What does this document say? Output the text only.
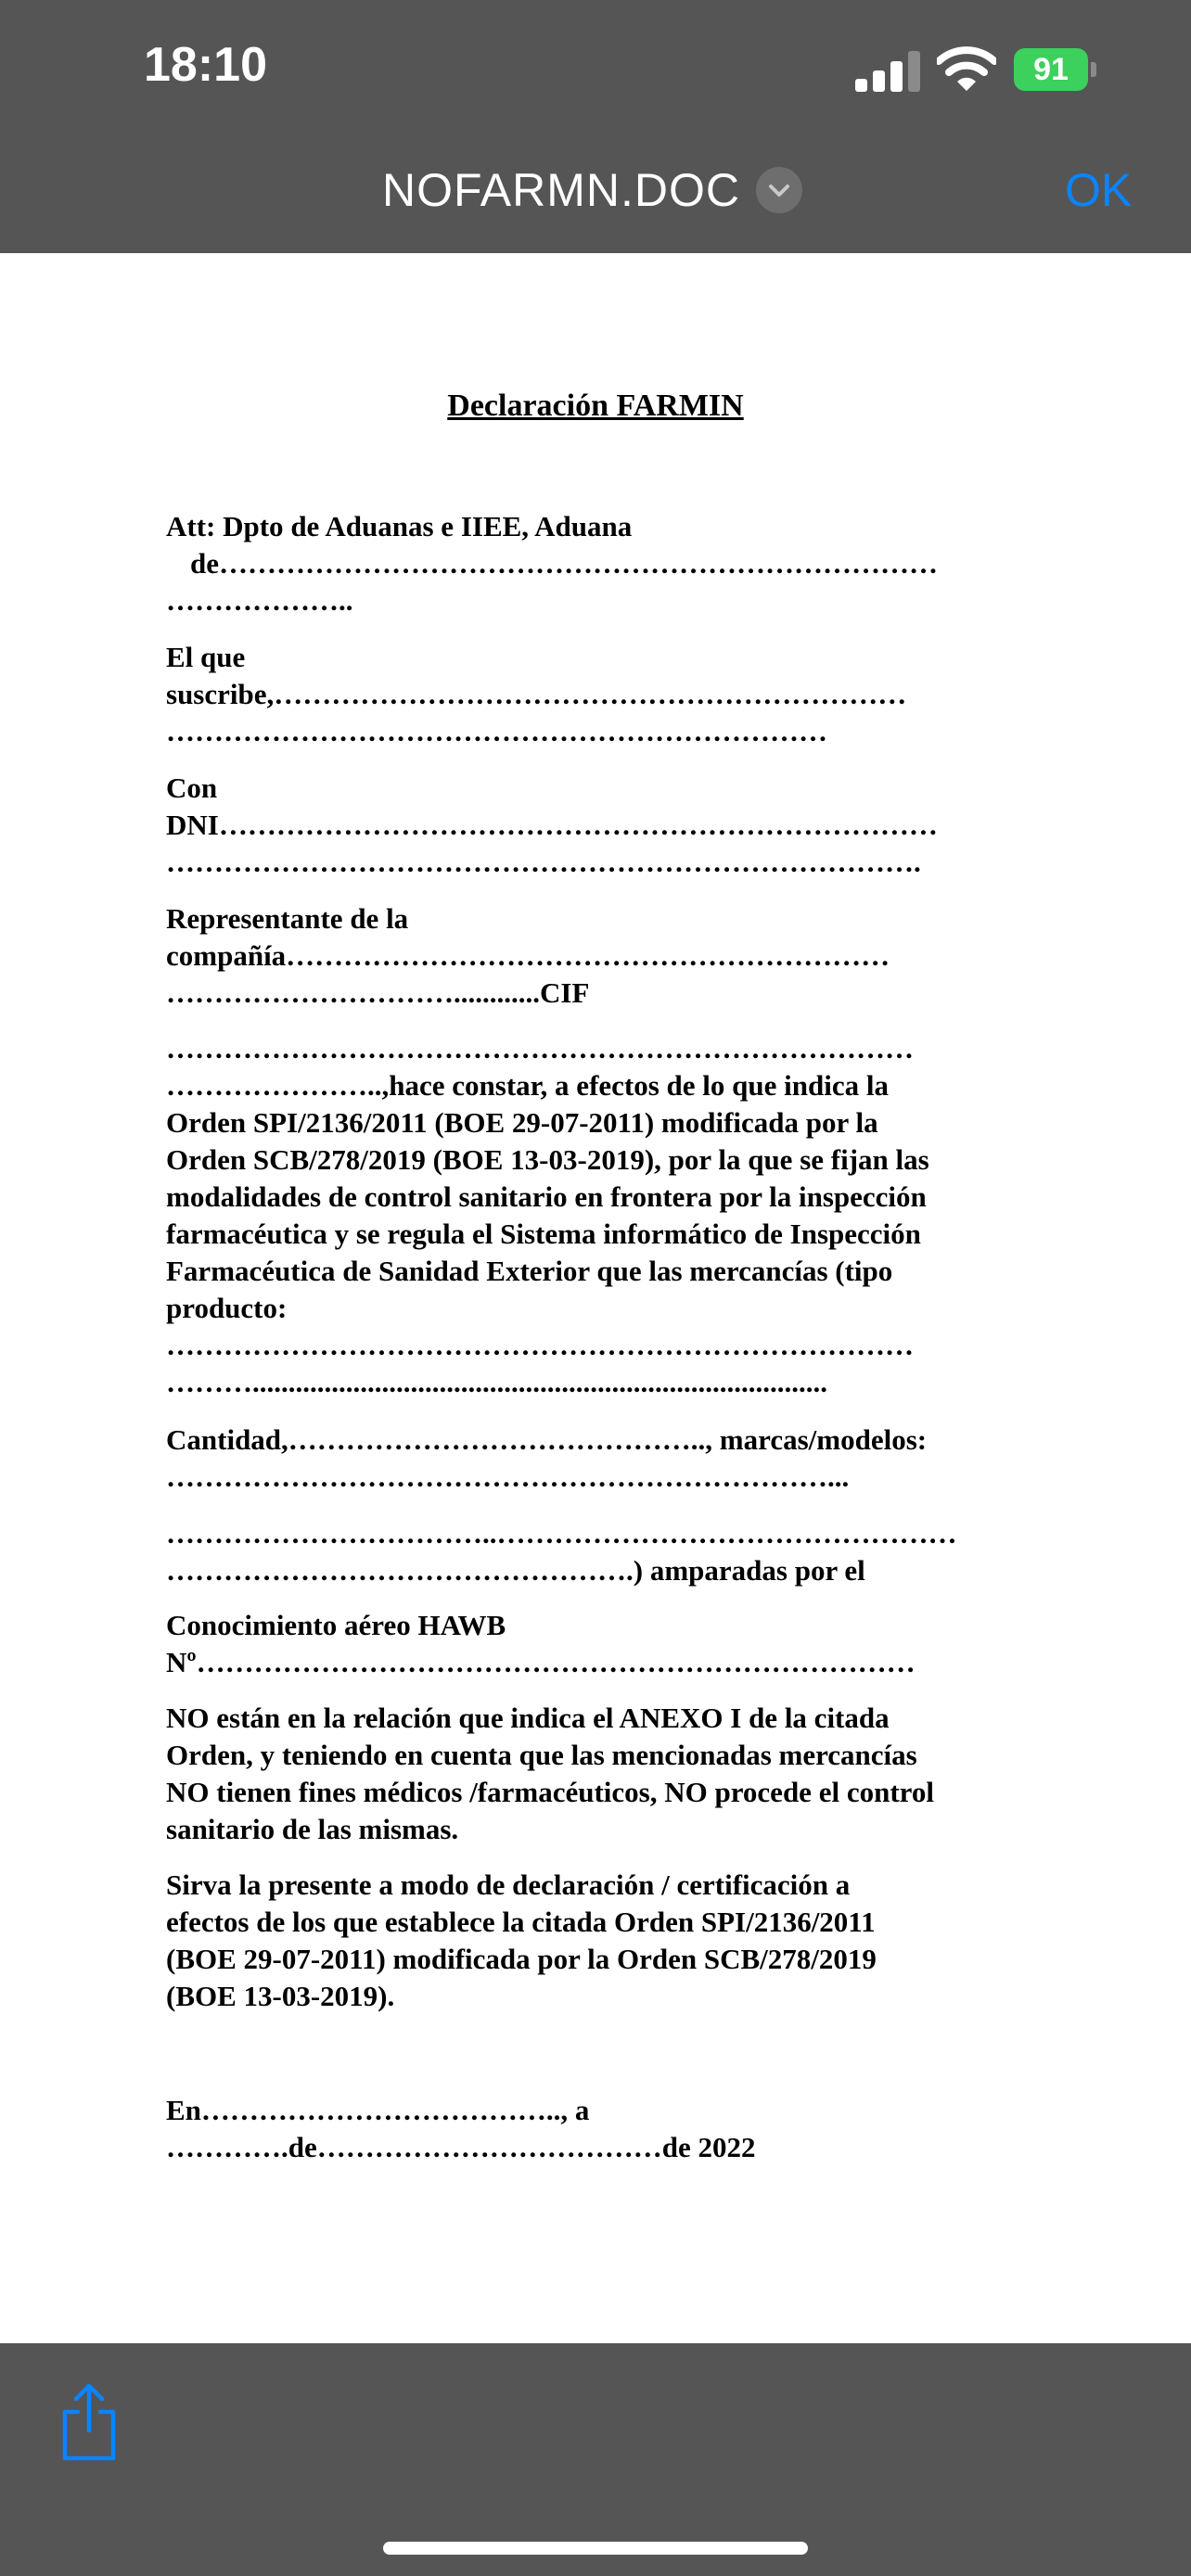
18:10	91
NOFARMN.DOC	OK
Declaración FARMIN
Att: Dpto de Aduanas e IIEE, Aduana
de…………………………………………………………………
………………..
El que
suscribe,…………………………………………………………
……………………………………………………………
Con
DNI…………………………………………………………………
…………………………………………………………………….
Representante de la
compañía………………………………………………………
…………………………............CIF
……………………………………………………………………
…………………..,hace constar, a efectos de lo que indica la
Orden SPI/2136/2011 (BOE 29-07-2011) modificada por la
Orden SCB/278/2019 (BOE 13-03-2019), por la que se fijan las
modalidades de control sanitario en frontera por la inspección
farmacéutica y se regula el Sistema informático de Inspección
Farmacéutica de Sanidad Exterior que las mercancías (tipo
producto:
……………………………………………………………………
………................................................................................
Cantidad,…………………………………….., marcas/modelos:
……………………………………………………………...
……………………………..…………………………………………
………………………………………….) amparadas por el
Conocimiento aéreo HAWB
Nº…………………………………………………………………
NO están en la relación que indica el ANEXO I de la citada
Orden, y teniendo en cuenta que las mencionadas mercancías
NO tienen fines médicos /farmacéuticos, NO procede el control
sanitario de las mismas.
Sirva la presente a modo de declaración / certificación a
efectos de los que establece la citada Orden SPI/2136/2011
(BOE 29-07-2011) modificada por la Orden SCB/278/2019
(BOE 13-03-2019).
En……………………………….., a
………….de………………………………de 2022
